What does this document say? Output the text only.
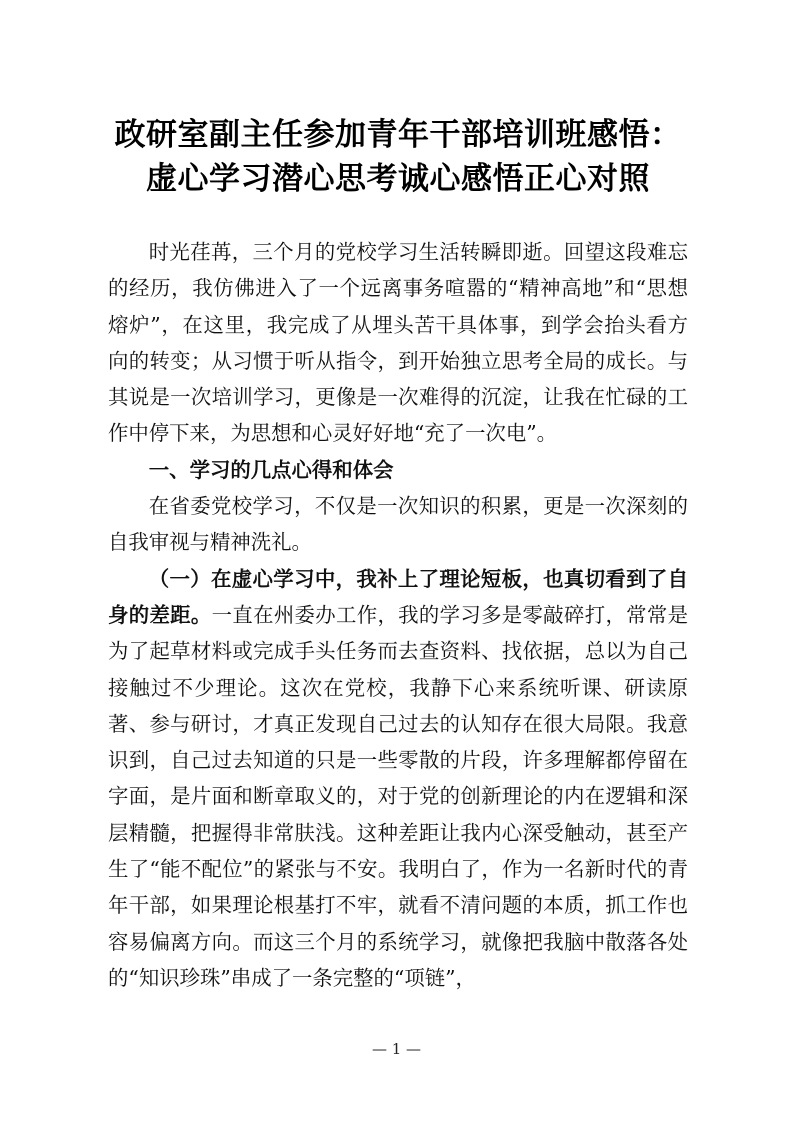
政研室副主任参加青年干部培训班感悟：
虚心学习潜心思考诚心感悟正心对照

时光荏苒，三个月的党校学习生活转瞬即逝。回望这段难忘的经历，我仿佛进入了一个远离事务喧嚣的“精神高地”和“思想熔炉”，在这里，我完成了从埋头苦干具体事，到学会抬头看方向的转变；从习惯于听从指令，到开始独立思考全局的成长。与其说是一次培训学习，更像是一次难得的沉淀，让我在忙碌的工作中停下来，为思想和心灵好好地“充了一次电”。

一、学习的几点心得和体会

在省委党校学习，不仅是一次知识的积累，更是一次深刻的自我审视与精神洗礼。

（一）在虚心学习中，我补上了理论短板，也真切看到了自身的差距。一直在州委办工作，我的学习多是零敲碎打，常常是为了起草材料或完成手头任务而去查资料、找依据，总以为自己接触过不少理论。这次在党校，我静下心来系统听课、研读原著、参与研讨，才真正发现自己过去的认知存在很大局限。我意识到，自己过去知道的只是一些零散的片段，许多理解都停留在字面，是片面和断章取义的，对于党的创新理论的内在逻辑和深层精髓，把握得非常肤浅。这种差距让我内心深受触动，甚至产生了“能不配位”的紧张与不安。我明白了，作为一名新时代的青年干部，如果理论根基打不牢，就看不清问题的本质，抓工作也容易偏离方向。而这三个月的系统学习，就像把我脑中散落各处的“知识珍珠”串成了一条完整的“项链”，

— 1 —
